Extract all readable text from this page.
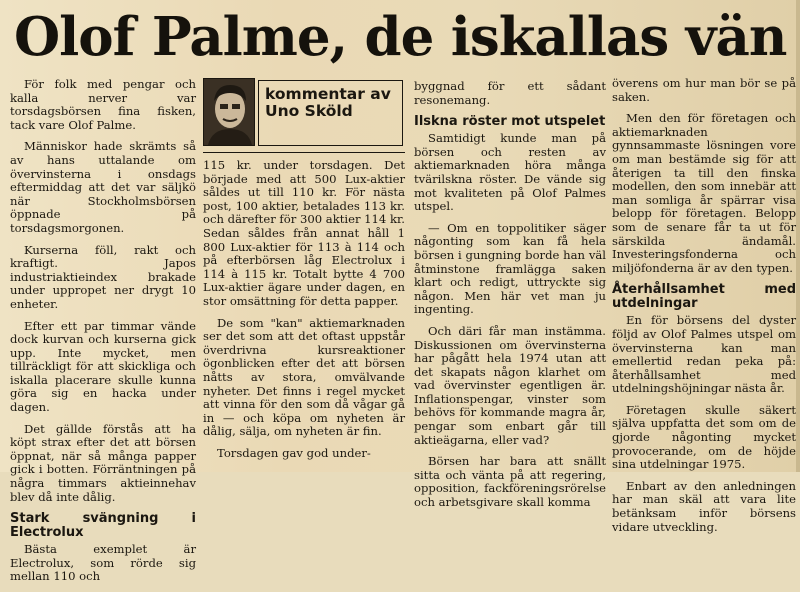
Olof Palme, de iskallas vän

För folk med pengar och kalla nerver var torsdagsbörsen fina fisken, tack vare Olof Palme.

Människor hade skrämts så av hans uttalande om övervinsterna i onsdags eftermiddag att det var säljkö när Stockholmsbörsen öppnade på torsdagsmorgonen.

Kurserna föll, rakt och kraftigt. Japos industriaktieindex brakade under uppropet ner drygt 10 enheter.

Efter ett par timmar vände dock kurvan och kurserna gick upp. Inte mycket, men tillräckligt för att skickliga och iskalla placerare skulle kunna göra sig en hacka under dagen.

Det gällde förstås att ha köpt strax efter det att börsen öppnat, när så många papper gick i botten. Förräntningen på några timmars aktieinnehav blev då inte dålig.

Stark svängning i Electrolux

Bästa exemplet är Electrolux, som rörde sig mellan 110 och

kommentar av
Uno Sköld

115 kr. under torsdagen. Det började med att 500 Lux-aktier såldes ut till 110 kr. För nästa post, 100 aktier, betalades 113 kr. och därefter för 300 aktier 114 kr. Sedan såldes från annat håll 1 800 Lux-aktier för 113 à 114 och på efterbörsen låg Electrolux i 114 à 115 kr. Totalt bytte 4 700 Lux-aktier ägare under dagen, en stor omsättning för detta papper.

De som "kan" aktiemarknaden ser det som att det oftast uppstår överdrivna kursreaktioner ögonblicken efter det att börsen nåtts av stora, omvälvande nyheter. Det finns i regel mycket att vinna för den som då vågar gå in — och köpa om nyheten är dålig, sälja, om nyheten är fin.

Torsdagen gav god under-

byggnad för ett sådant resonemang.

Ilskna röster mot utspelet

Samtidigt kunde man på börsen och resten av aktiemarknaden höra många tvärilskna röster. De vände sig mot kvaliteten på Olof Palmes utspel.

— Om en toppolitiker säger någonting som kan få hela börsen i gungning borde han väl åtminstone framlägga saken klart och redigt, uttryckte sig någon. Men här vet man ju ingenting.

Och däri får man instämma. Diskussionen om övervinsterna har pågått hela 1974 utan att det skapats någon klarhet om vad övervinster egentligen är. Inflationspengar, vinster som behövs för kommande magra år, pengar som enbart går till aktieägarna, eller vad?

Börsen har bara att snällt sitta och vänta på att regering, opposition, fackföreningsrörelse och arbetsgivare skall komma

överens om hur man bör se på saken.

Men den för företagen och aktiemarknaden gynnsammaste lösningen vore om man bestämde sig för att återigen ta till den finska modellen, den som innebär att man somliga år spärrar visa belopp för företagen. Belopp som de senare får ta ut för särskilda ändamål. Investeringsfonderna och miljöfonderna är av den typen.

Återhållsamhet med utdelningar

En för börsens del dyster följd av Olof Palmes utspel om övervinsterna kan man emellertid redan peka på: återhållsamhet med utdelningshöjningar nästa år.

Företagen skulle säkert själva uppfatta det som om de gjorde någonting mycket provocerande, om de höjde sina utdelningar 1975.

Enbart av den anledningen har man skäl att vara lite betänksam inför börsens vidare utveckling.
